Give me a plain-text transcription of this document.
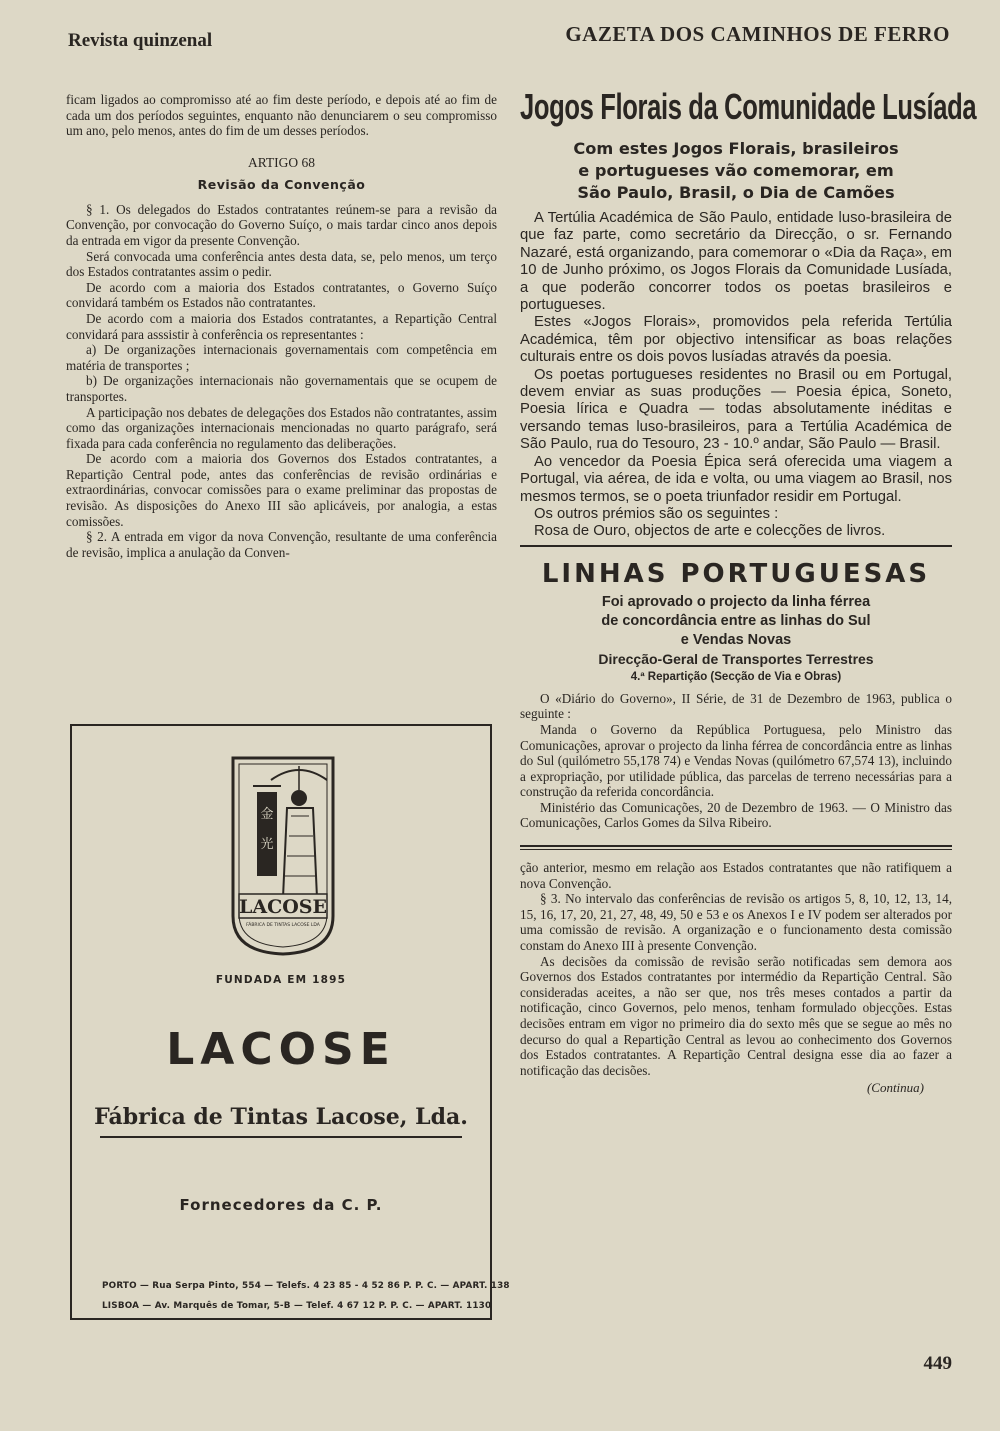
Revista quinzenal	GAZETA DOS CAMINHOS DE FERRO

ficam ligados ao compromisso até ao fim deste período, e depois até ao fim de cada um dos períodos seguintes, enquanto não denunciarem o seu compromisso um ano, pelo menos, antes do fim de um desses períodos.

ARTIGO 68
Revisão da Convenção

§ 1. Os delegados do Estados contratantes reúnem-se para a revisão da Convenção, por convocação do Governo Suíço, o mais tardar cinco anos depois da entrada em vigor da presente Convenção.

Será convocada uma conferência antes desta data, se, pelo menos, um terço dos Estados contratantes assim o pedir.

De acordo com a maioria dos Estados contratantes, o Governo Suíço convidará também os Estados não contratantes.

De acordo com a maioria dos Estados contratantes, a Repartição Central convidará para asssistir à conferência os representantes :

a) De organizações internacionais governamentais com competência em matéria de transportes ;

b) De organizações internacionais não governamentais que se ocupem de transportes.

A participação nos debates de delegações dos Estados não contratantes, assim como das organizações internacionais mencionadas no quarto parágrafo, será fixada para cada conferência no regulamento das deliberações.

De acordo com a maioria dos Governos dos Estados contratantes, a Repartição Central pode, antes das conferências de revisão ordinárias e extraordinárias, convocar comissões para o exame preliminar das propostas de revisão. As disposições do Anexo III são aplicáveis, por analogia, a estas comissões.

§ 2. A entrada em vigor da nova Convenção, resultante de uma conferência de revisão, implica a anulação da Conven-

金
光
LACOSE
FÁBRICA DE TINTAS LACOSE LDA
FUNDADA EM 1895
LACOSE
Fábrica de Tintas Lacose, Lda.
Fornecedores da C. P.
PORTO — Rua Serpa Pinto, 554 — Telefs. 4 23 85 - 4 52 86 P. P. C. — APART. 138
LISBOA — Av. Marquês de Tomar, 5-B — Telef. 4 67 12 P. P. C. — APART. 1130
Jogos Florais da Comunidade Lusíada
Com estes Jogos Florais, brasileiros
e portugueses vão comemorar, em
São Paulo, Brasil, o Dia de Camões

A Tertúlia Académica de São Paulo, entidade luso-brasileira de que faz parte, como secretário da Direcção, o sr. Fernando Nazaré, está organizando, para comemorar o «Dia da Raça», em 10 de Junho próximo, os Jogos Florais da Comunidade Lusíada, a que poderão concorrer todos os poetas brasileiros e portugueses.

Estes «Jogos Florais», promovidos pela referida Tertúlia Académica, têm por objectivo intensificar as boas relações culturais entre os dois povos lusíadas através da poesia.

Os poetas portugueses residentes no Brasil ou em Portugal, devem enviar as suas produções — Poesia épica, Soneto, Poesia lírica e Quadra — todas absolutamente inéditas e versando temas luso-brasileiros, para a Tertúlia Académica de São Paulo, rua do Tesouro, 23 - 10.º andar, São Paulo — Brasil.

Ao vencedor da Poesia Épica será oferecida uma viagem a Portugal, via aérea, de ida e volta, ou uma viagem ao Brasil, nos mesmos termos, se o poeta triunfador residir em Portugal.

Os outros prémios são os seguintes :

Rosa de Ouro, objectos de arte e colecções de livros.

LINHAS PORTUGUESAS
Foi aprovado o projecto da linha férrea
de concordância entre as linhas do Sul
e Vendas Novas
Direcção-Geral de Transportes Terrestres
4.ª Repartição (Secção de Via e Obras)

O «Diário do Governo», II Série, de 31 de Dezembro de 1963, publica o seguinte :

Manda o Governo da República Portuguesa, pelo Ministro das Comunicações, aprovar o projecto da linha férrea de concordância entre as linhas do Sul (quilómetro 55,178 74) e Vendas Novas (quilómetro 67,574 13), incluindo a expropriação, por utilidade pública, das parcelas de terreno necessárias para a construção da referida concordância.

Ministério das Comunicações, 20 de Dezembro de 1963. — O Ministro das Comunicações, Carlos Gomes da Silva Ribeiro.

ção anterior, mesmo em relação aos Estados contratantes que não ratifiquem a nova Convenção.

§ 3. No intervalo das conferências de revisão os artigos 5, 8, 10, 12, 13, 14, 15, 16, 17, 20, 21, 27, 48, 49, 50 e 53 e os Anexos I e IV podem ser alterados por uma comissão de revisão. A organização e o funcionamento desta comissão constam do Anexo III à presente Convenção.

As decisões da comissão de revisão serão notificadas sem demora aos Governos dos Estados contratantes por intermédio da Repartição Central. São consideradas aceites, a não ser que, nos três meses contados a partir da notificação, cinco Governos, pelo menos, tenham formulado objecções. Estas decisões entram em vigor no primeiro dia do sexto mês que se segue ao mês no decurso do qual a Repartição Central as levou ao conhecimento dos Governos dos Estados contratantes. A Repartição Central designa esse dia ao fazer a notificação das decisões.

(Continua)
449
